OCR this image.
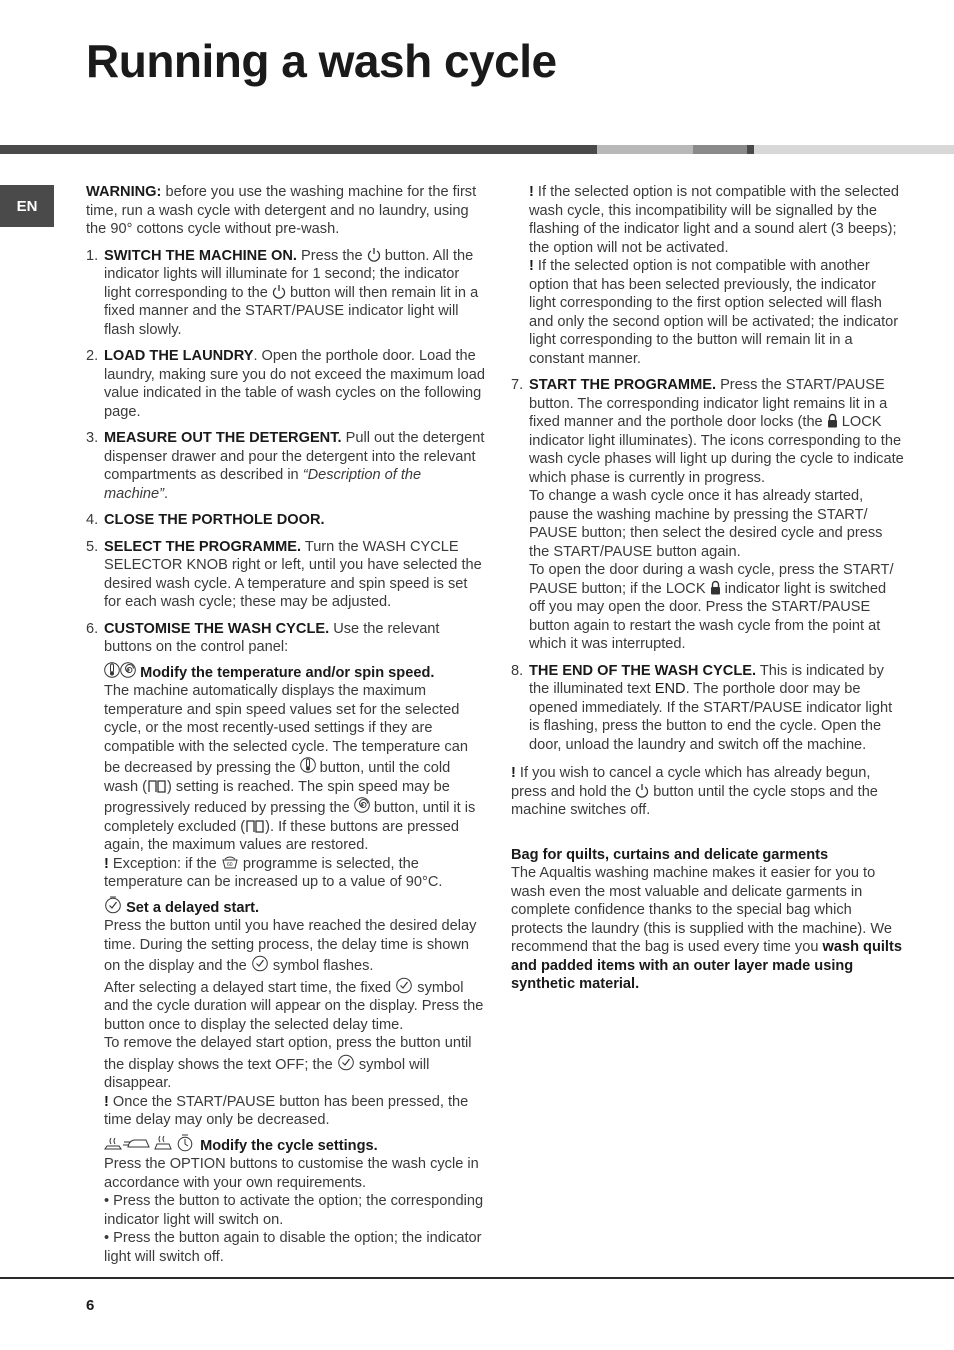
Running a wash cycle
EN

WARNING: before you use the washing machine for the first time, run a wash cycle with detergent and no laundry, using the 90° cottons cycle without pre-wash.

1. SWITCH THE MACHINE ON. Press the  button. All the indicator lights will illuminate for 1 second; the indicator light corresponding to the  button will then remain lit in a fixed manner and the START/PAUSE indicator light will flash slowly.
2. LOAD THE LAUNDRY. Open the porthole door. Load the laundry, making sure you do not exceed the maximum load value indicated in the table of wash cycles on the following page.
3. MEASURE OUT THE DETERGENT. Pull out the detergent dispenser drawer and pour the detergent into the relevant compartments as described in “Description of the machine”.
4. CLOSE THE PORTHOLE DOOR.
5. SELECT THE PROGRAMME. Turn the WASH CYCLE SELECTOR KNOB right or left, until you have selected the desired wash cycle. A temperature and spin speed is set for each wash cycle; these may be adjusted.
6. CUSTOMISE THE WASH CYCLE. Use the relevant buttons on the control panel:

Modify the temperature and/or spin speed.
The machine automatically displays the maximum temperature and spin speed values set for the selected cycle, or the most recently-used settings if they are compatible with the selected cycle. The temperature can be decreased by pressing the  button, until the cold wash ( ) setting is reached. The spin speed may be progressively reduced by pressing the  button, until it is completely excluded ( ). If these buttons are pressed again, the maximum values are restored.
! Exception: if the 60 programme is selected, the temperature can be increased up to a value of 90°C.

Set a delayed start.
Press the button until you have reached the desired delay time. During the setting process, the delay time is shown on the display and the  symbol flashes.
After selecting a delayed start time, the fixed  symbol and the cycle duration will appear on the display. Press the button once to display the selected delay time.
To remove the delayed start option, press the button until the display shows the text OFF; the  symbol will disappear.
! Once the START/PAUSE button has been pressed, the time delay may only be decreased.

Modify the cycle settings.
Press the OPTION buttons to customise the wash cycle in accordance with your own requirements.
• Press the button to activate the option; the corresponding indicator light will switch on.
• Press the button again to disable the option; the indicator light will switch off.

! If the selected option is not compatible with the selected wash cycle, this incompatibility will be signalled by the flashing of the indicator light and a sound alert (3 beeps); the option will not be activated.

! If the selected option is not compatible with another option that has been selected previously, the indicator light corresponding to the first option selected will flash and only the second option will be activated; the indicator light corresponding to the button will remain lit in a constant manner.

7. START THE PROGRAMME. Press the START/PAUSE button. The corresponding indicator light remains lit in a fixed manner and the porthole door locks (the  LOCK indicator light illuminates). The icons corresponding to the wash cycle phases will light up during the cycle to indicate which phase is currently in progress.
To change a wash cycle once it has already started, pause the washing machine by pressing the START/ PAUSE button; then select the desired cycle and press the START/PAUSE button again.
To open the door during a wash cycle, press the START/ PAUSE button; if the LOCK  indicator light is switched off you may open the door. Press the START/PAUSE button again to restart the wash cycle from the point at which it was interrupted.
8. THE END OF THE WASH CYCLE. This is indicated by the illuminated text END. The porthole door may be opened immediately. If the START/PAUSE indicator light is flashing, press the button to end the cycle. Open the door, unload the laundry and switch off the machine.

! If you wish to cancel a cycle which has already begun, press and hold the  button until the cycle stops and the machine switches off.

Bag for quilts, curtains and delicate garments

The Aqualtis washing machine makes it easier for you to wash even the most valuable and delicate garments in complete confidence thanks to the special bag which protects the laundry (this is supplied with the machine). We recommend that the bag is used every time you wash quilts and padded items with an outer layer made using synthetic material.

6
